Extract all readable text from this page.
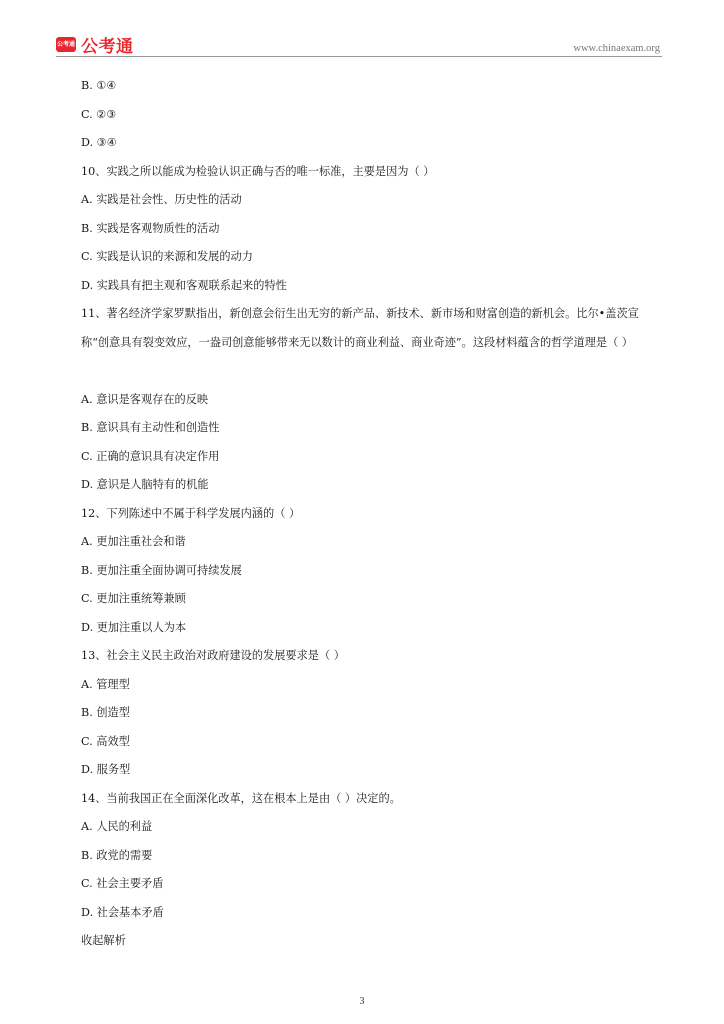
公考通 公考通	www.chinaexam.org
B. ①④
C. ②③
D. ③④
10、实践之所以能成为检验认识正确与否的唯一标准，主要是因为（ ）
A. 实践是社会性、历史性的活动
B. 实践是客观物质性的活动
C. 实践是认识的来源和发展的动力
D. 实践具有把主观和客观联系起来的特性
11、著名经济学家罗默指出，新创意会衍生出无穷的新产品、新技术、新市场和财富创造的新机会。比尔•盖茨宣称“创意具有裂变效应，一盎司创意能够带来无以数计的商业利益、商业奇迹”。这段材料蕴含的哲学道理是（ ）
A. 意识是客观存在的反映
B. 意识具有主动性和创造性
C. 正确的意识具有决定作用
D. 意识是人脑特有的机能
12、下列陈述中不属于科学发展内涵的（ ）
A. 更加注重社会和谐
B. 更加注重全面协调可持续发展
C. 更加注重统筹兼顾
D. 更加注重以人为本
13、社会主义民主政治对政府建设的发展要求是（ ）
A. 管理型
B. 创造型
C. 高效型
D. 服务型
14、当前我国正在全面深化改革，这在根本上是由（ ）决定的。
A. 人民的利益
B. 政党的需要
C. 社会主要矛盾
D. 社会基本矛盾
收起解析
3
